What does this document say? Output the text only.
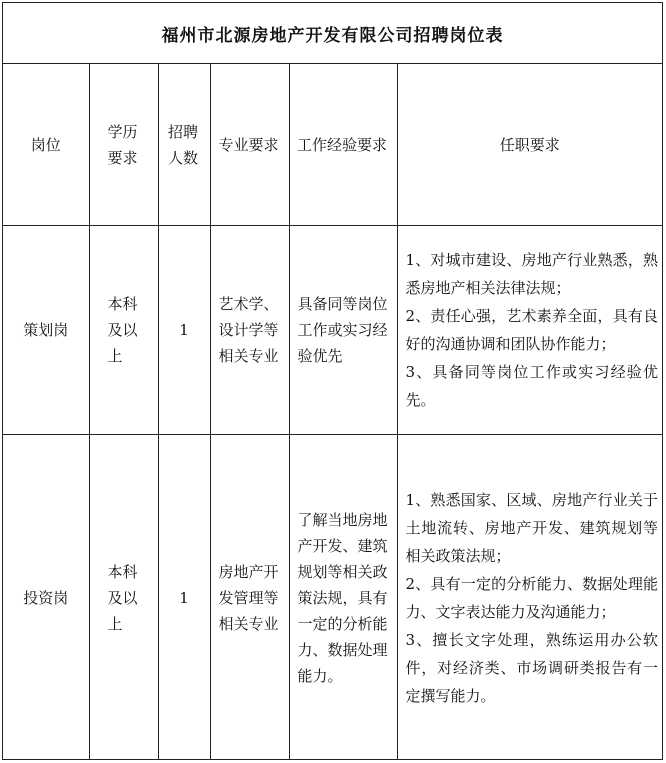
福州市北源房地产开发有限公司招聘岗位表
岗位	学历要求	招聘人数	专业要求	工作经验要求	任职要求
策划岗	本科及以上	1	艺术学、设计学等相关专业	具备同等岗位工作或实习经验优先	1、对城市建设、房地产行业熟悉，熟悉房地产相关法律法规；
2、责任心强，艺术素养全面，具有良好的沟通协调和团队协作能力；
3、具备同等岗位工作或实习经验优先。

投资岗	本科及以上	1	房地产开发管理等相关专业	了解当地房地产开发、建筑规划等相关政策法规，具有一定的分析能力、数据处理能力。	1、熟悉国家、区域、房地产行业关于土地流转、房地产开发、建筑规划等相关政策法规；
2、具有一定的分析能力、数据处理能力、文字表达能力及沟通能力；
3、擅长文字处理，熟练运用办公软件，对经济类、市场调研类报告有一定撰写能力。
